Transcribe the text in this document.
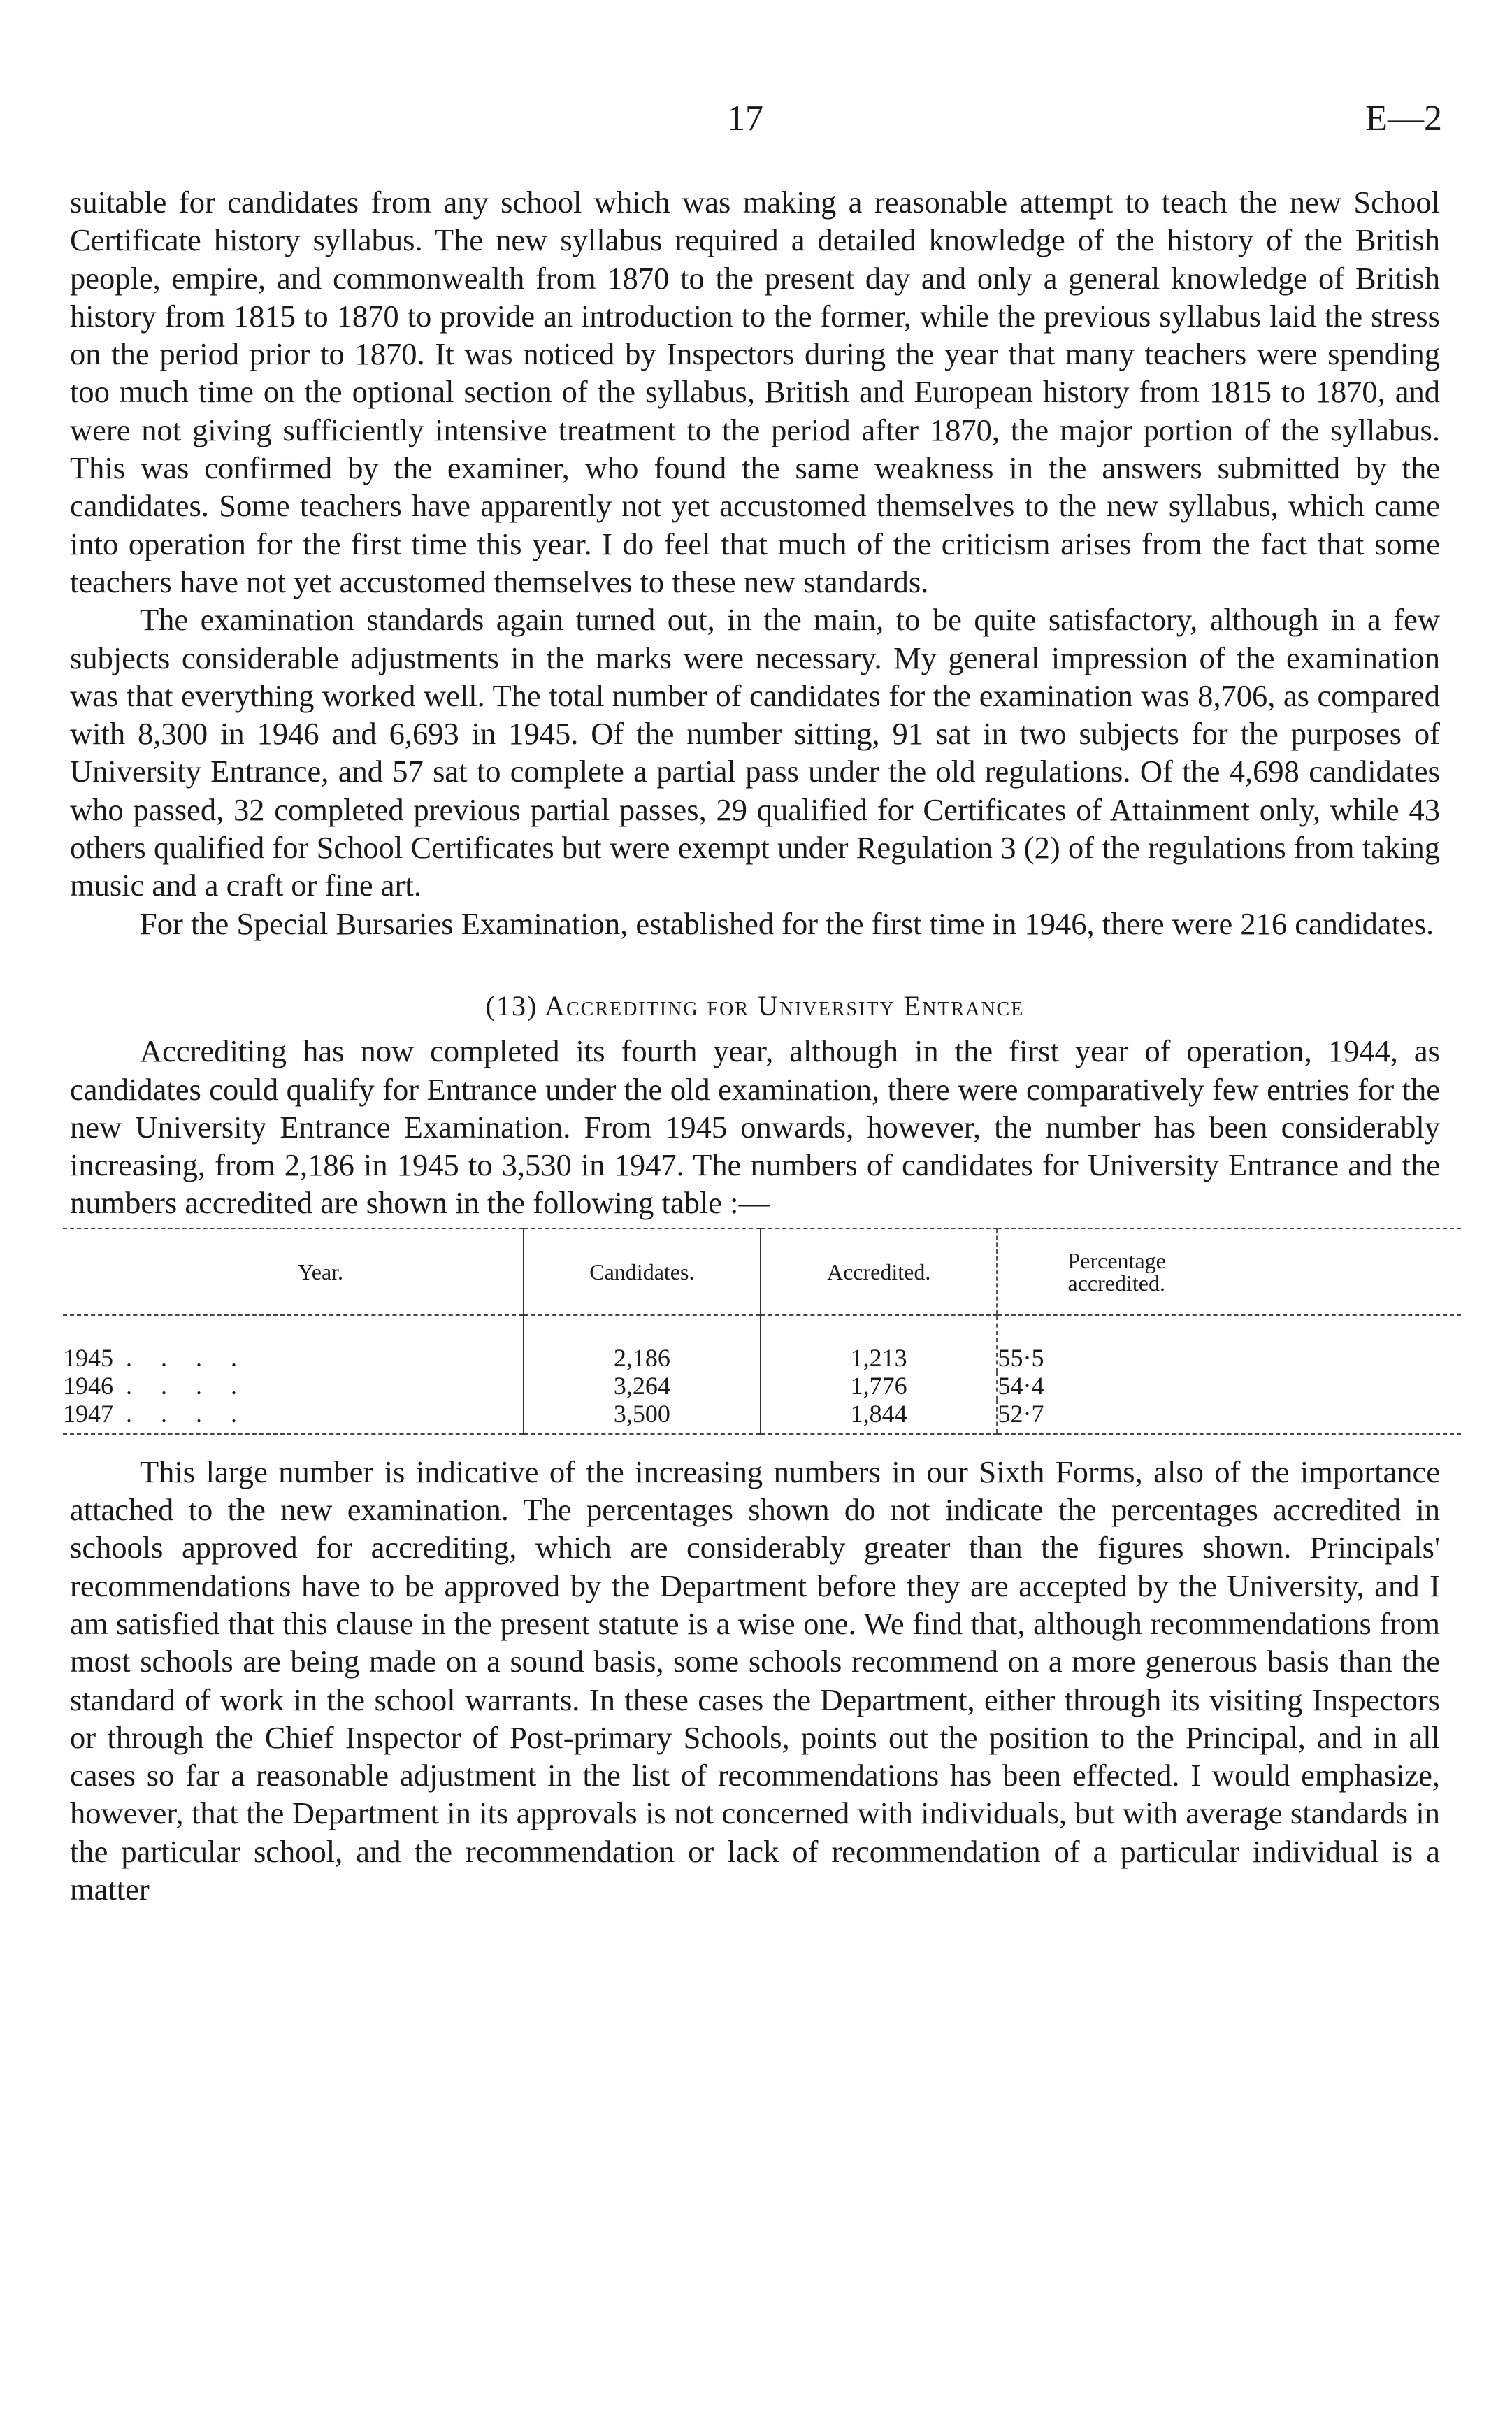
17	E—2

suitable for candidates from any school which was making a reasonable attempt to teach the new School Certificate history syllabus. The new syllabus required a detailed knowledge of the history of the British people, empire, and commonwealth from 1870 to the present day and only a general knowledge of British history from 1815 to 1870 to provide an introduction to the former, while the previous syllabus laid the stress on the period prior to 1870. It was noticed by Inspectors during the year that many teachers were spending too much time on the optional section of the syllabus, British and European history from 1815 to 1870, and were not giving sufficiently intensive treatment to the period after 1870, the major portion of the syllabus. This was confirmed by the examiner, who found the same weakness in the answers submitted by the candidates. Some teachers have apparently not yet accustomed themselves to the new syllabus, which came into operation for the first time this year. I do feel that much of the criticism arises from the fact that some teachers have not yet accustomed themselves to these new standards.

The examination standards again turned out, in the main, to be quite satisfactory, although in a few subjects considerable adjustments in the marks were necessary. My general impression of the examination was that everything worked well. The total number of candidates for the examination was 8,706, as compared with 8,300 in 1946 and 6,693 in 1945. Of the number sitting, 91 sat in two subjects for the purposes of University Entrance, and 57 sat to complete a partial pass under the old regulations. Of the 4,698 candidates who passed, 32 completed previous partial passes, 29 qualified for Certificates of Attainment only, while 43 others qualified for School Certificates but were exempt under Regulation 3 (2) of the regulations from taking music and a craft or fine art.

For the Special Bursaries Examination, established for the first time in 1946, there were 216 candidates.

(13) Accrediting for University Entrance

Accrediting has now completed its fourth year, although in the first year of operation, 1944, as candidates could qualify for Entrance under the old examination, there were comparatively few entries for the new University Entrance Examination. From 1945 onwards, however, the number has been considerably increasing, from 2,186 in 1945 to 3,530 in 1947. The numbers of candidates for University Entrance and the numbers accredited are shown in the following table :—

Year.	Candidates.	Accredited.	Percentage
accredited.
1945 . . . .	2,186	1,213	55·5
1946 . . . .	3,264	1,776	54·4
1947 . . . .	3,500	1,844	52·7

This large number is indicative of the increasing numbers in our Sixth Forms, also of the importance attached to the new examination. The percentages shown do not indicate the percentages accredited in schools approved for accrediting, which are considerably greater than the figures shown. Principals' recommendations have to be approved by the Department before they are accepted by the University, and I am satisfied that this clause in the present statute is a wise one. We find that, although recommendations from most schools are being made on a sound basis, some schools recommend on a more generous basis than the standard of work in the school warrants. In these cases the Department, either through its visiting Inspectors or through the Chief Inspector of Post-primary Schools, points out the position to the Principal, and in all cases so far a reasonable adjustment in the list of recommendations has been effected. I would emphasize, however, that the Department in its approvals is not concerned with individuals, but with average standards in the particular school, and the recommendation or lack of recommendation of a particular individual is a matter
